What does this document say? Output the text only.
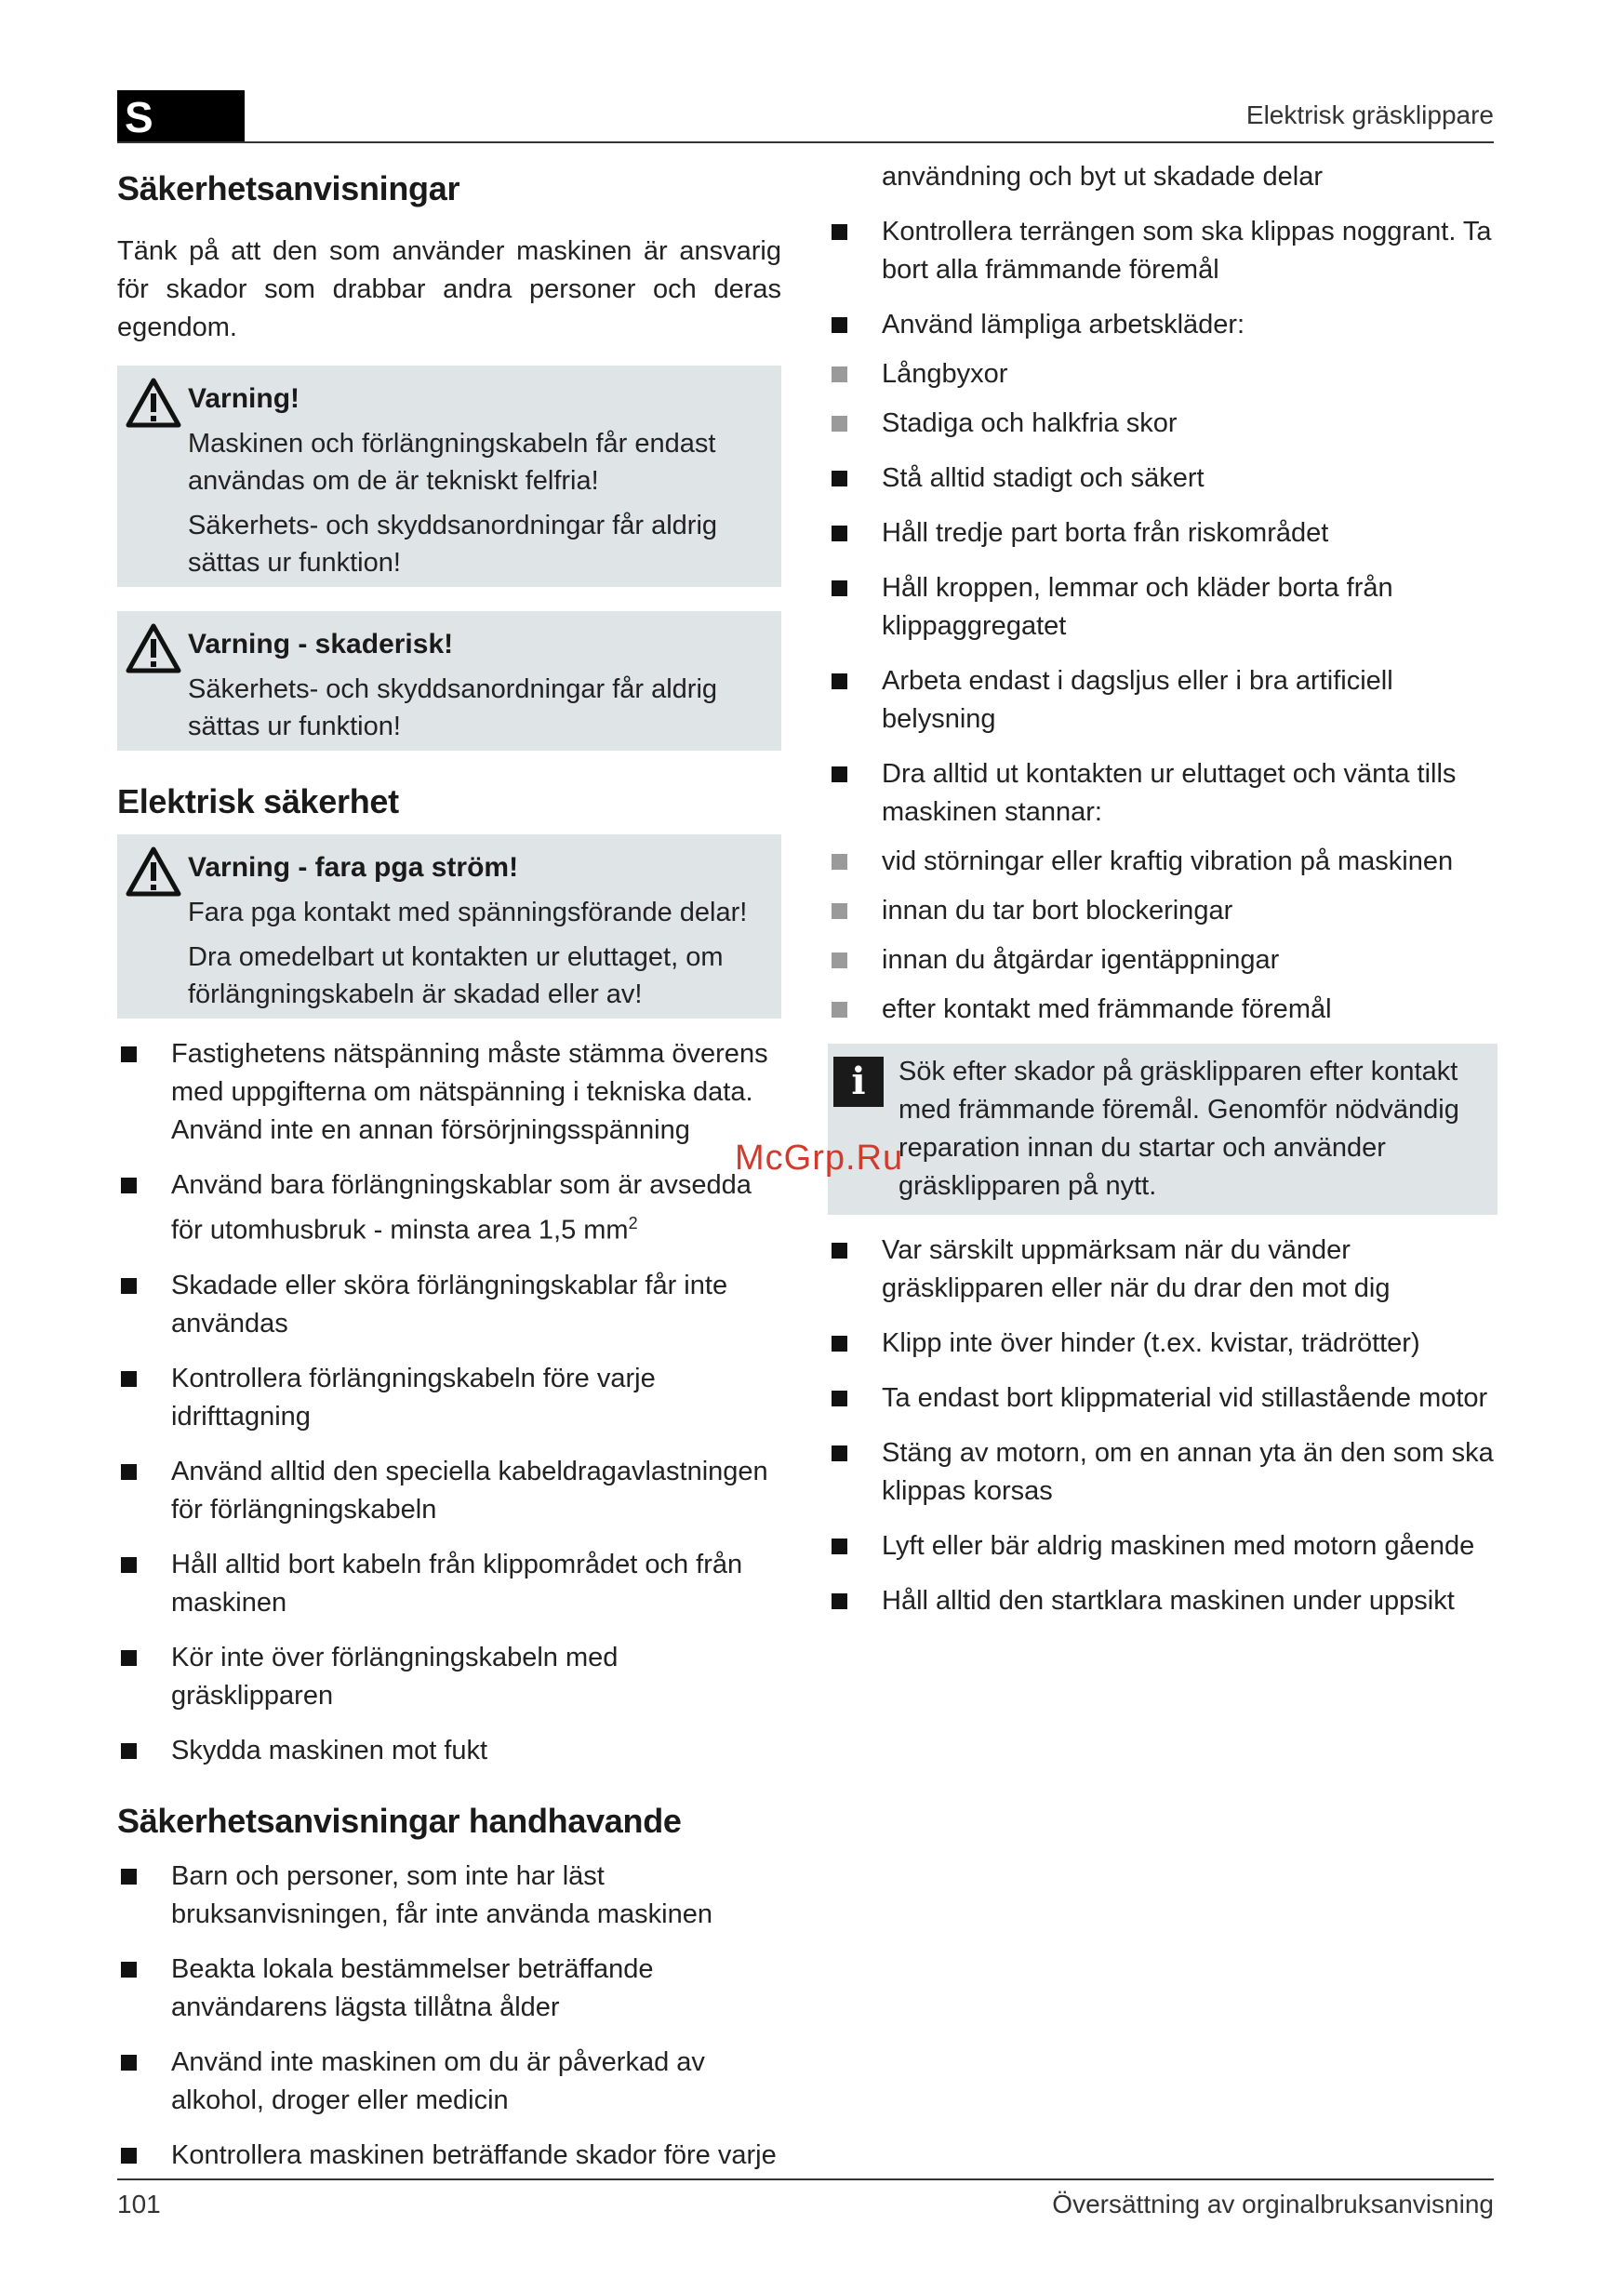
S	Elektrisk gräsklippare
Säkerhetsanvisningar

Tänk på att den som använder maskinen är ansvarig för skador som drabbar andra personer och deras egendom.

Varning!
Maskinen och förlängningskabeln får endast användas om de är tekniskt felfria!
Säkerhets- och skyddsanordningar får aldrig sättas ur funktion!
Varning - skaderisk!
Säkerhets- och skyddsanordningar får aldrig sättas ur funktion!
Elektrisk säkerhet
Varning - fara pga ström!
Fara pga kontakt med spänningsförande delar!
Dra omedelbart ut kontakten ur eluttaget, om förlängningskabeln är skadad eller av!
Fastighetens nätspänning måste stämma överens med uppgifterna om nätspänning i tekniska data. Använd inte en annan försörjningsspänning
Använd bara förlängningskablar som är avsedda för utomhusbruk - minsta area 1,5 $mm^2$
Skadade eller sköra förlängningskablar får inte användas
Kontrollera förlängningskabeln före varje idrifttagning
Använd alltid den speciella kabeldragavlastningen för förlängningskabeln
Håll alltid bort kabeln från klippområdet och från maskinen
Kör inte över förlängningskabeln med gräsklipparen
Skydda maskinen mot fukt
Säkerhetsanvisningar handhavande
Barn och personer, som inte har läst bruksanvisningen, får inte använda maskinen
Beakta lokala bestämmelser beträffande användarens lägsta tillåtna ålder
Använd inte maskinen om du är påverkad av alkohol, droger eller medicin
Kontrollera maskinen beträffande skador före varje
användning och byt ut skadade delar
Kontrollera terrängen som ska klippas noggrant. Ta bort alla främmande föremål
Använd lämpliga arbetskläder:
Långbyxor
Stadiga och halkfria skor
Stå alltid stadigt och säkert
Håll tredje part borta från riskområdet
Håll kroppen, lemmar och kläder borta från klippaggregatet
Arbeta endast i dagsljus eller i bra artificiell belysning
Dra alltid ut kontakten ur eluttaget och vänta tills maskinen stannar:
vid störningar eller kraftig vibration på maskinen
innan du tar bort blockeringar
innan du åtgärdar igentäppningar
efter kontakt med främmande föremål
i	Sök efter skador på gräsklipparen efter kontakt med främmande föremål. Genomför nödvändig reparation innan du startar och använder gräsklipparen på nytt.
Var särskilt uppmärksam när du vänder gräsklipparen eller när du drar den mot dig
Klipp inte över hinder (t.ex. kvistar, trädrötter)
Ta endast bort klippmaterial vid stillastående motor
Stäng av motorn, om en annan yta än den som ska klippas korsas
Lyft eller bär aldrig maskinen med motorn gående
Håll alltid den startklara maskinen under uppsikt
McGrp.Ru
101	Översättning av orginalbruksanvisning
